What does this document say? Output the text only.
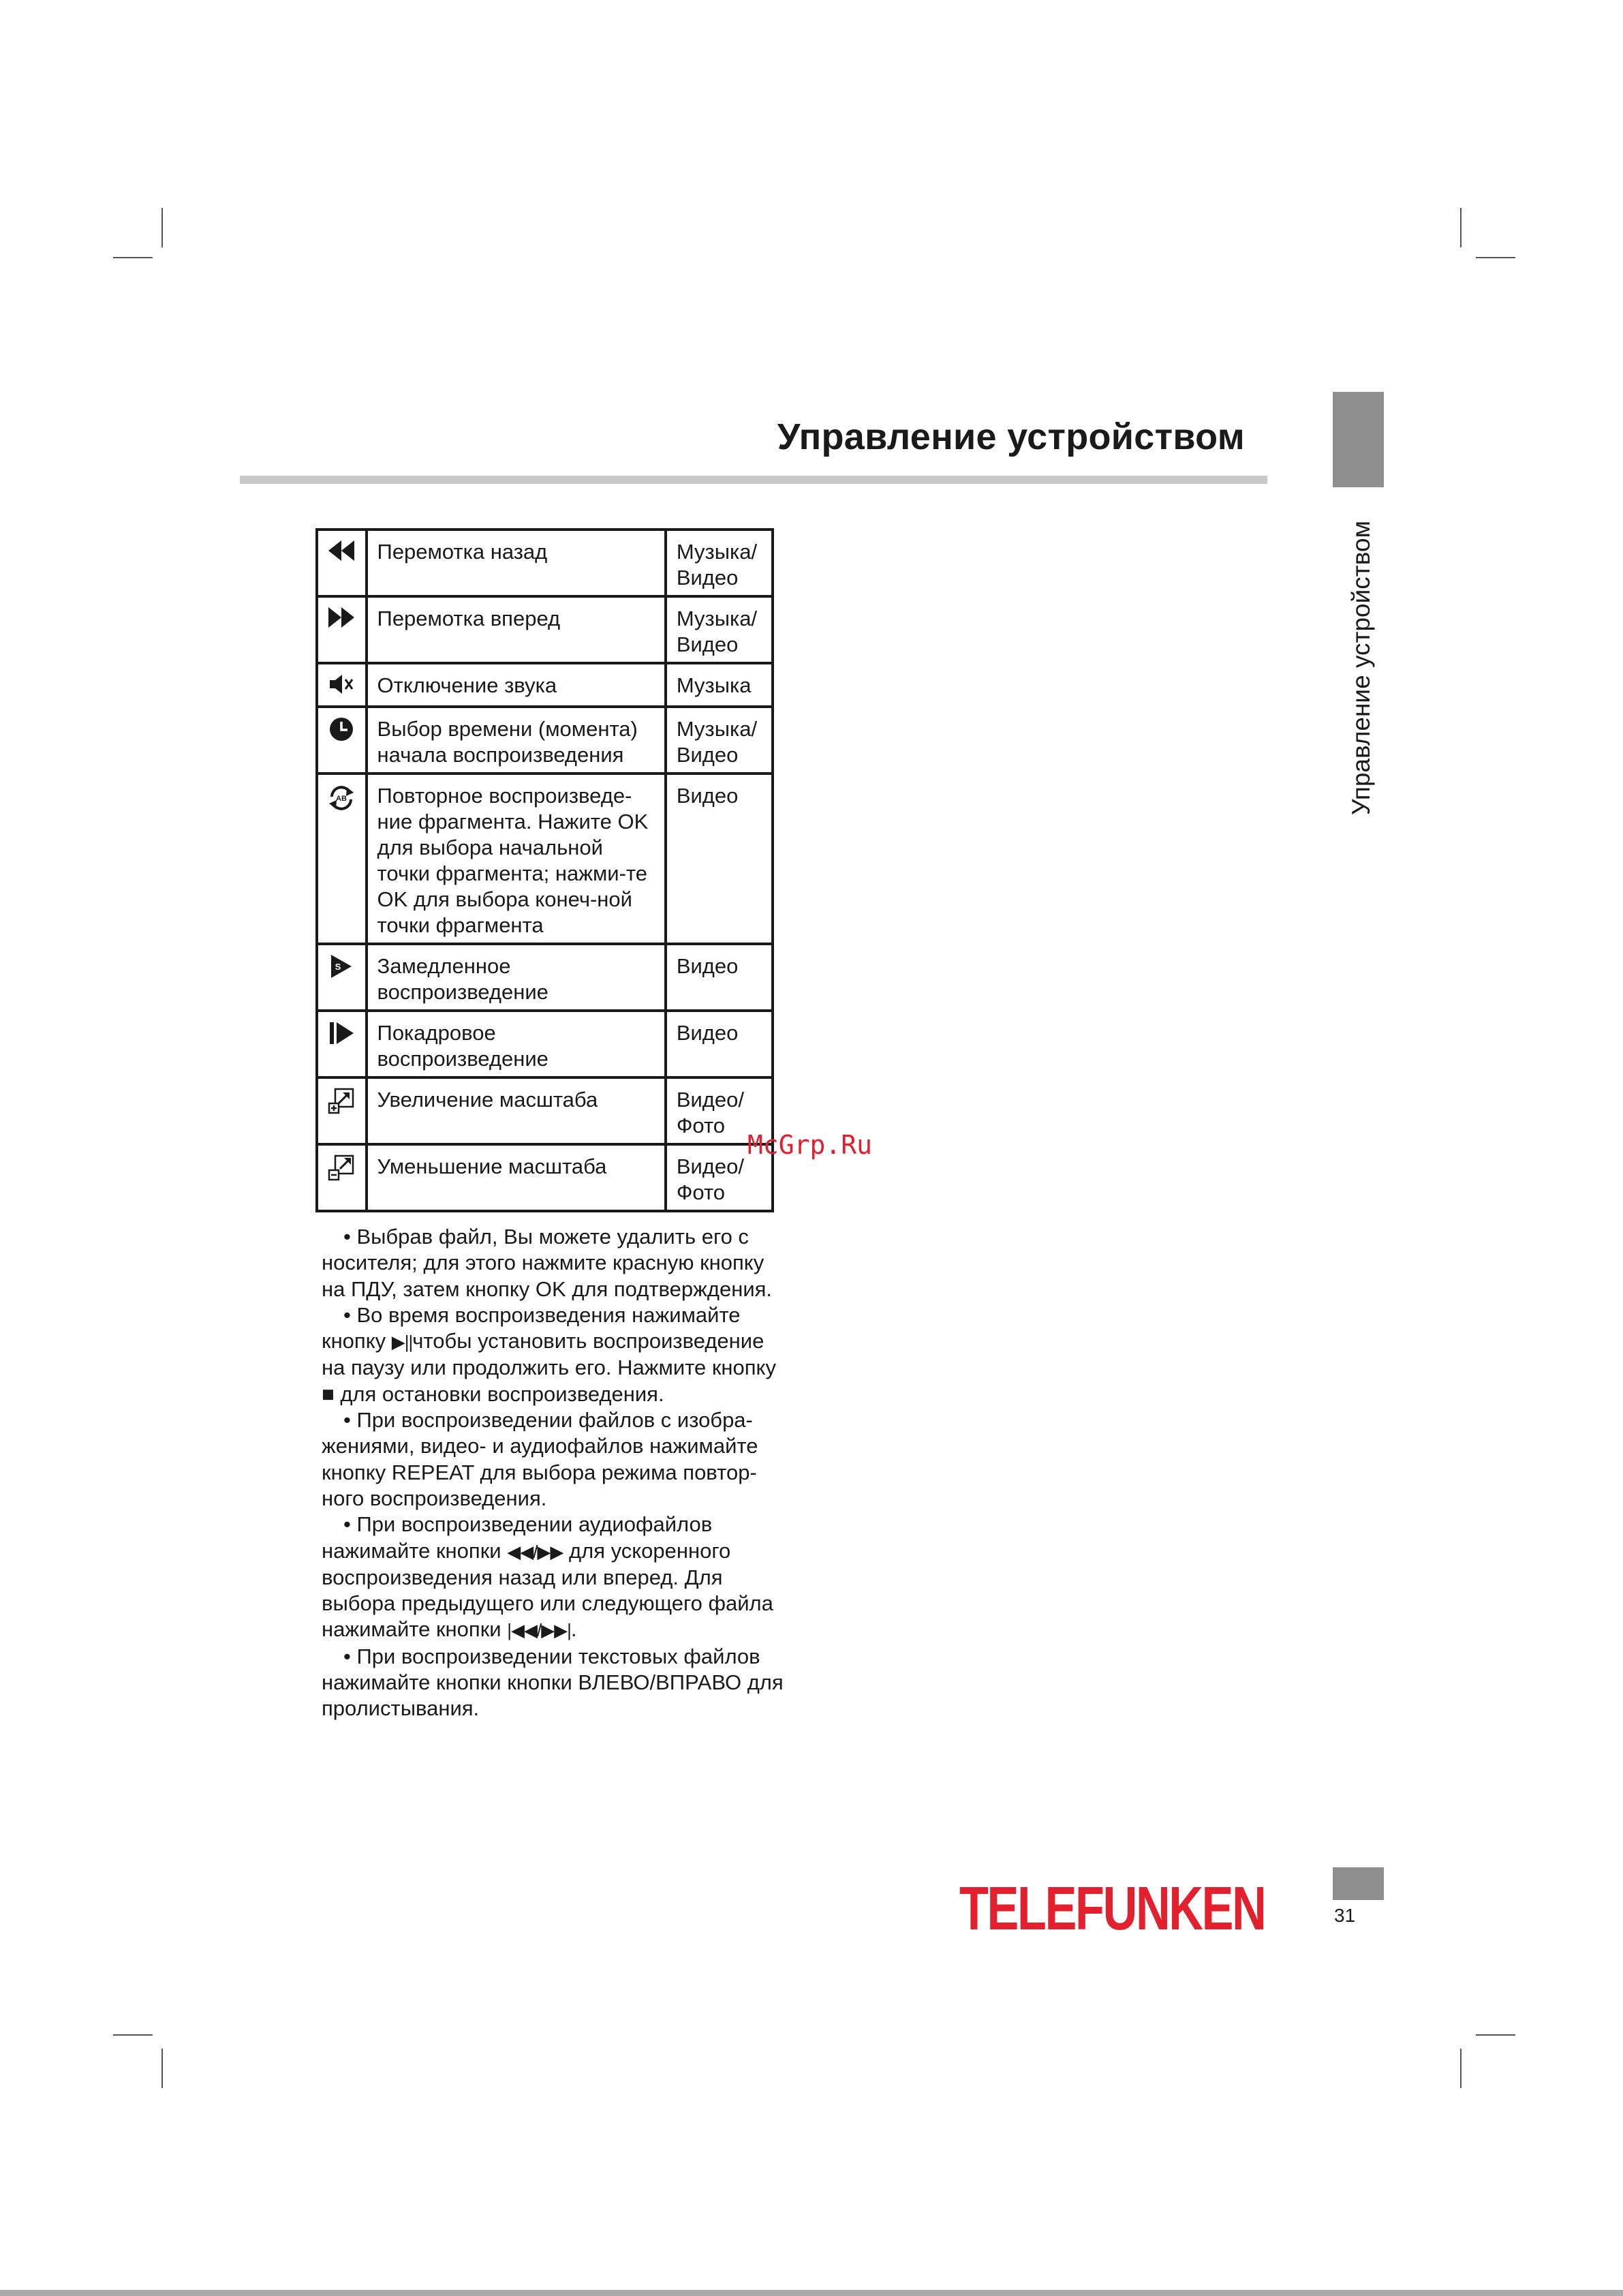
Управление устройством
Управление устройством
	Перемотка назад	Музыка/ Видео

	Перемотка вперед	Музыка/ Видео

	Отключение звука	Музыка

	Выбор времени (момента) начала воспроизведения	Музыка/ Видео

AB	Повторное воспроизведе-ние фрагмента. Нажите OK для выбора начальной точки фрагмента; нажми-те OK для выбора конеч-ной точки фрагмента	Видео

S	Замедленное воспроизведение	Видео

	Покадровое воспроизведение	Видео

	Увеличение масштаба	Видео/ Фото

	Уменьшение масштаба	Видео/ Фото

• Выбрав файл, Вы можете удалить его с носителя; для этого нажмите красную кнопку на ПДУ, затем кнопку OK для подтверждения.

• Во время воспроизведения нажимайте кнопку ▶||чтобы установить воспроизведение на паузу или продолжить его. Нажмите кнопку ■ для остановки воспроизведения.

• При воспроизведении файлов с изобра-жениями, видео- и аудиофайлов нажимайте кнопку REPEAT для выбора режима повтор-ного воспроизведения.

• При воспроизведении аудиофайлов нажимайте кнопки ◀◀/▶▶ для ускоренного воспроизведения назад или вперед. Для выбора предыдущего или следующего файла нажимайте кнопки |◀◀/▶▶|.

• При воспроизведении текстовых файлов нажимайте кнопки кнопки ВЛЕВО/ВПРАВО для пролистывания.

McGrp.Ru
TELEFUNKEN	31
